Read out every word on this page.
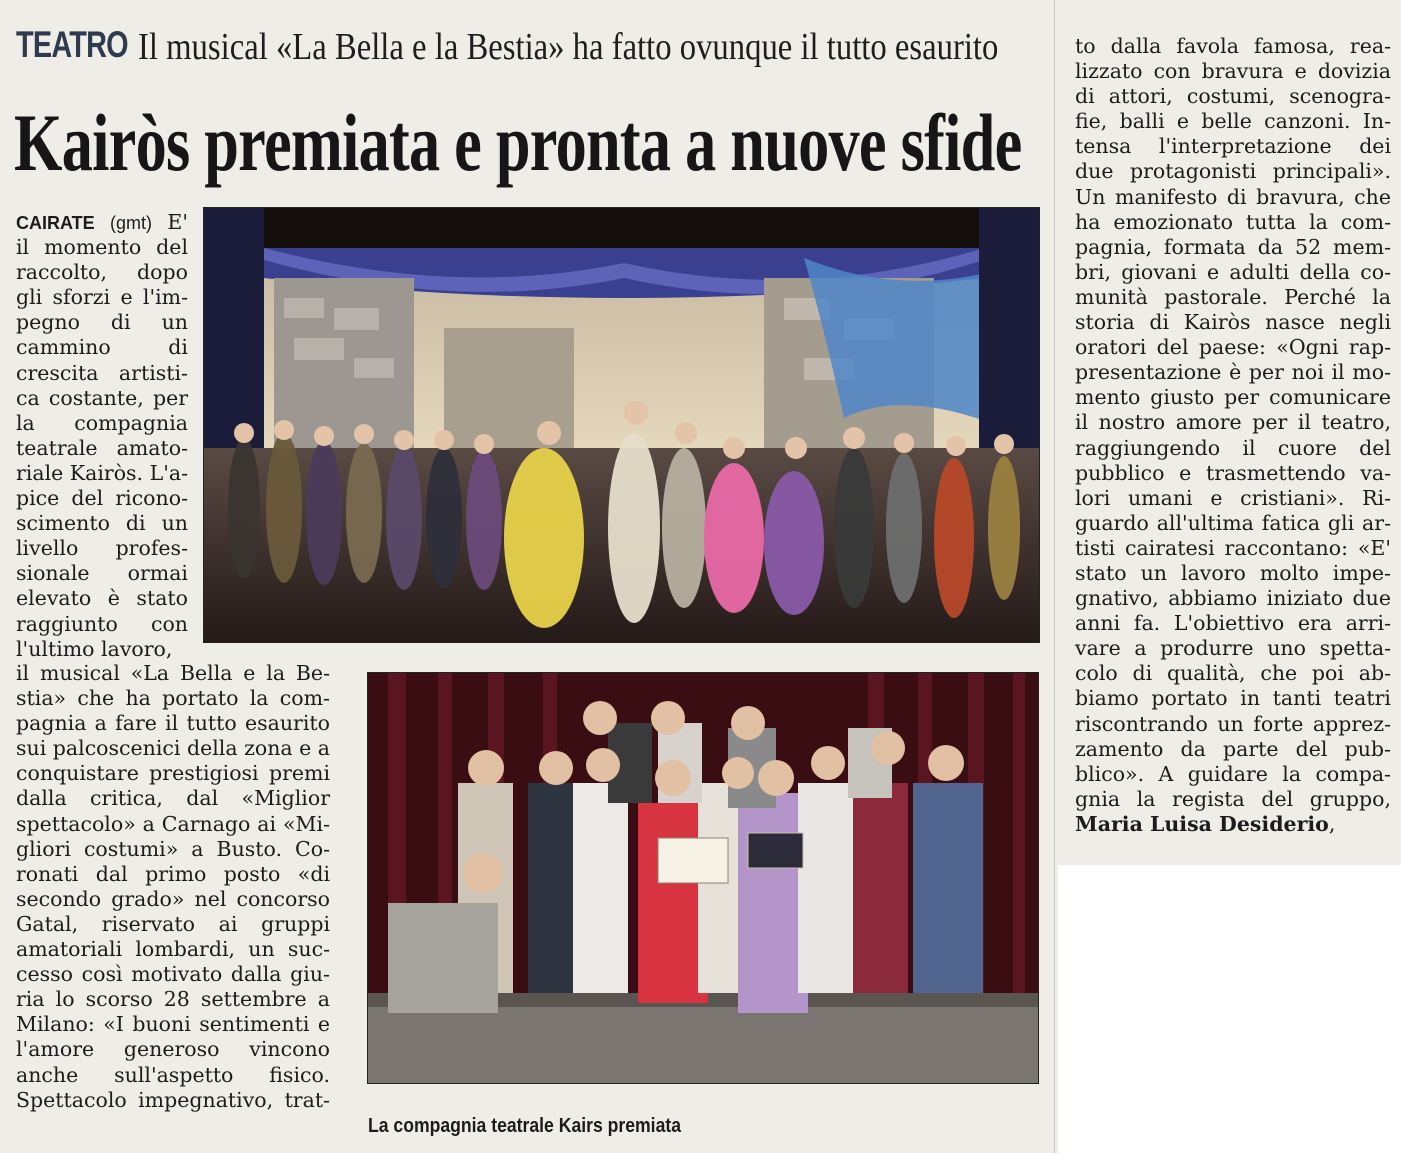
TEATRO Il musical «La Bella e la Bestia» ha fatto ovunque il tutto esaurito
Kairòs premiata e pronta a nuove sfide
CAIRATE (gmt) E'
il momento del
raccolto, dopo
gli sforzi e l'im-
pegno di un
cammino di
crescita artisti-
ca costante, per
la compagnia
teatrale amato-
riale Kairòs. L'a-
pice del ricono-
scimento di un
livello profes-
sionale ormai
elevato è stato
raggiunto con
l'ultimo lavoro,
il musical «La Bella e la Be-
stia» che ha portato la com-
pagnia a fare il tutto esaurito
sui palcoscenici della zona e a
conquistare prestigiosi premi
dalla critica, dal «Miglior
spettacolo» a Carnago ai «Mi-
gliori costumi» a Busto. Co-
ronati dal primo posto «di
secondo grado» nel concorso
Gatal, riservato ai gruppi
amatoriali lombardi, un suc-
cesso così motivato dalla giu-
ria lo scorso 28 settembre a
Milano: «I buoni sentimenti e
l'amore generoso vincono
anche sull'aspetto fisico.
Spettacolo impegnativo, trat-
to dalla favola famosa, rea-
lizzato con bravura e dovizia
di attori, costumi, scenogra-
fie, balli e belle canzoni. In-
tensa l'interpretazione dei
due protagonisti principali».
Un manifesto di bravura, che
ha emozionato tutta la com-
pagnia, formata da 52 mem-
bri, giovani e adulti della co-
munità pastorale. Perché la
storia di Kairòs nasce negli
oratori del paese: «Ogni rap-
presentazione è per noi il mo-
mento giusto per comunicare
il nostro amore per il teatro,
raggiungendo il cuore del
pubblico e trasmettendo va-
lori umani e cristiani». Ri-
guardo all'ultima fatica gli ar-
tisti cairatesi raccontano: «E'
stato un lavoro molto impe-
gnativo, abbiamo iniziato due
anni fa. L'obiettivo era arri-
vare a produrre uno spetta-
colo di qualità, che poi ab-
biamo portato in tanti teatri
riscontrando un forte apprez-
zamento da parte del pub-
blico». A guidare la compa-
gnia la regista del gruppo,
Maria Luisa Desiderio,
La compagnia teatrale Kairs premiata
